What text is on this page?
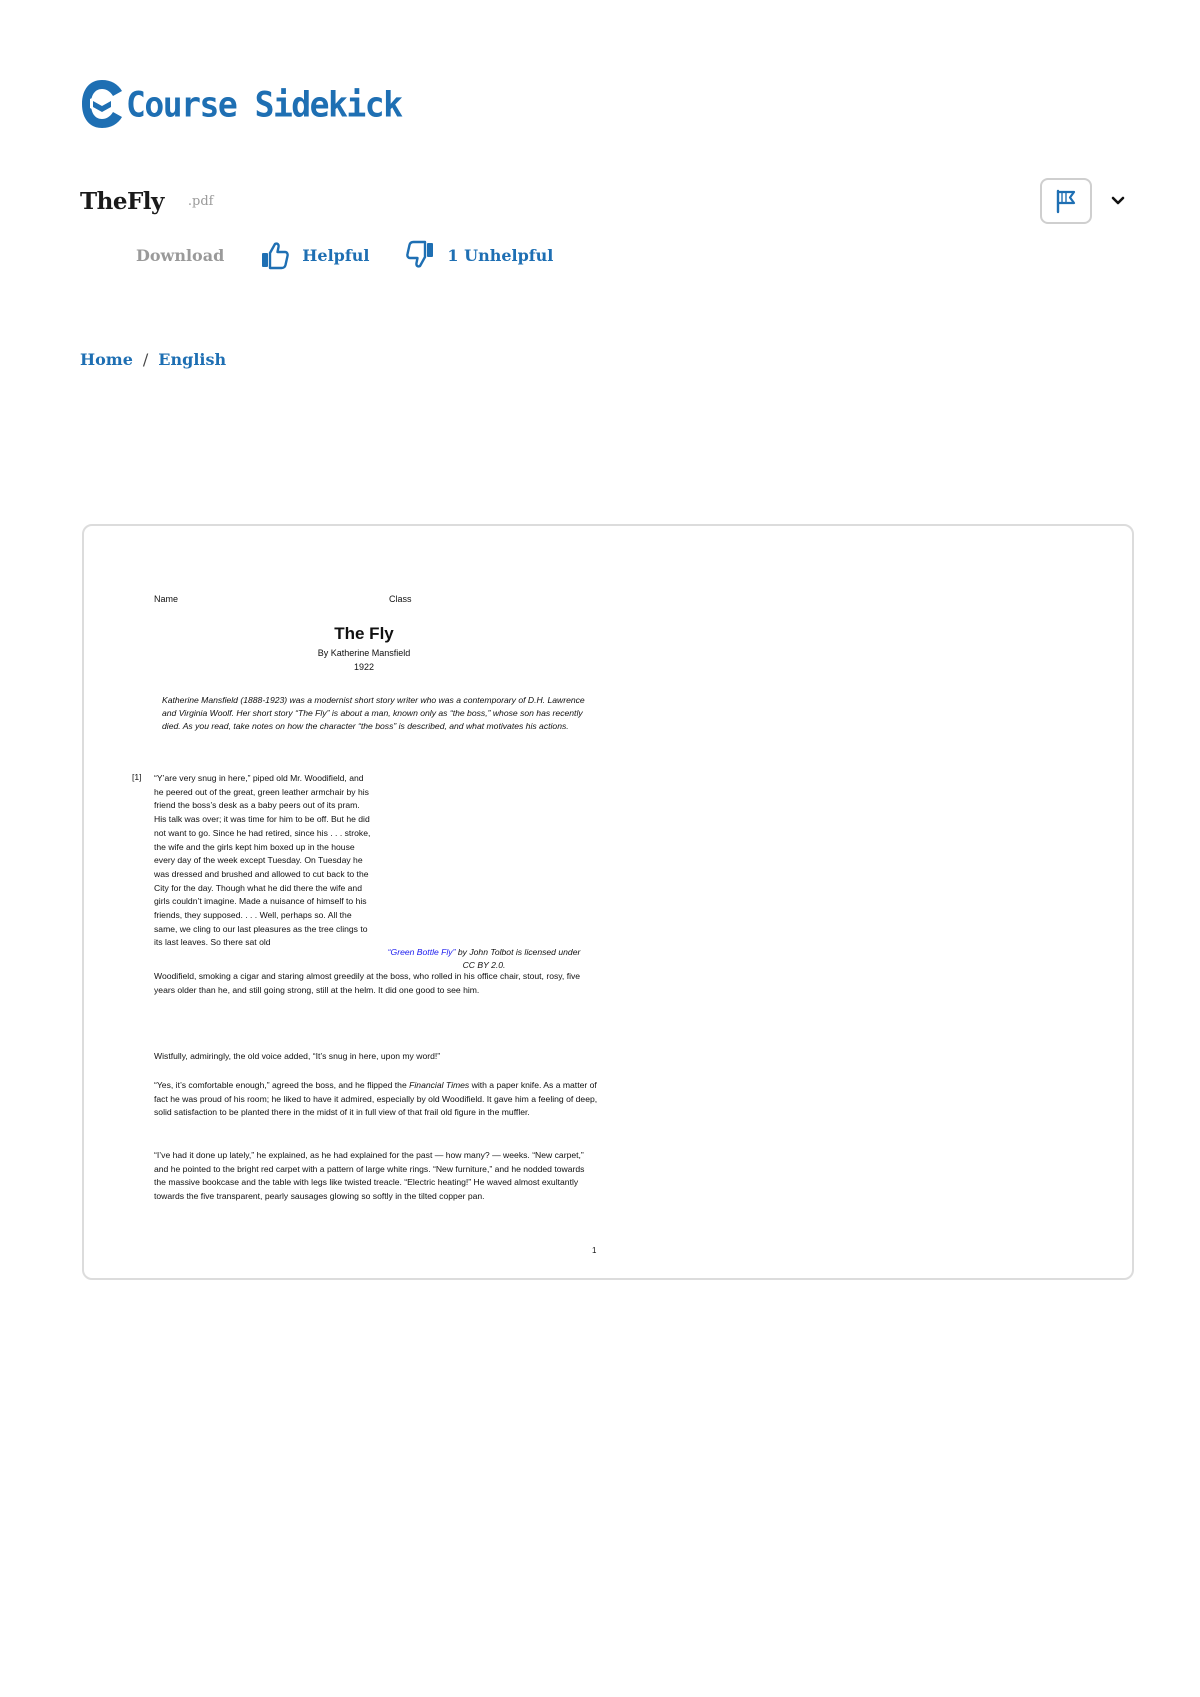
Course Sidekick
TheFly .pdf
Download	Helpful	1 Unhelpful
Home / English
Name	Class
The Fly
By Katherine Mansfield
1922
Katherine Mansfield (1888-1923) was a modernist short story writer who was a contemporary of D.H. Lawrence and Virginia Woolf. Her short story “The Fly” is about a man, known only as “the boss,” whose son has recently died. As you read, take notes on how the character “the boss” is described, and what motivates his actions.
[1] “Y’are very snug in here,” piped old Mr. Woodifield, and he peered out of the great, green leather armchair by his friend the boss’s desk as a baby peers out of its pram. His talk was over; it was time for him to be off. But he did not want to go. Since he had retired, since his . . . stroke, the wife and the girls kept him boxed up in the house every day of the week except Tuesday. On Tuesday he was dressed and brushed and allowed to cut back to the City for the day. Though what he did there the wife and girls couldn’t imagine. Made a nuisance of himself to his friends, they supposed. . . . Well, perhaps so. All the same, we cling to our last pleasures as the tree clings to its last leaves. So there sat old
“Green Bottle Fly” by John Tolbot is licensed under CC BY 2.0.
Woodifield, smoking a cigar and staring almost greedily at the boss, who rolled in his office chair, stout, rosy, five years older than he, and still going strong, still at the helm. It did one good to see him.
Wistfully, admiringly, the old voice added, “It’s snug in here, upon my word!”
“Yes, it’s comfortable enough,” agreed the boss, and he flipped the Financial Times with a paper knife. As a matter of fact he was proud of his room; he liked to have it admired, especially by old Woodifield. It gave him a feeling of deep, solid satisfaction to be planted there in the midst of it in full view of that frail old figure in the muffler.
“I’ve had it done up lately,” he explained, as he had explained for the past — how many? — weeks. “New carpet,” and he pointed to the bright red carpet with a pattern of large white rings. “New furniture,” and he nodded towards the massive bookcase and the table with legs like twisted treacle. “Electric heating!” He waved almost exultantly towards the five transparent, pearly sausages glowing so softly in the tilted copper pan.
1
